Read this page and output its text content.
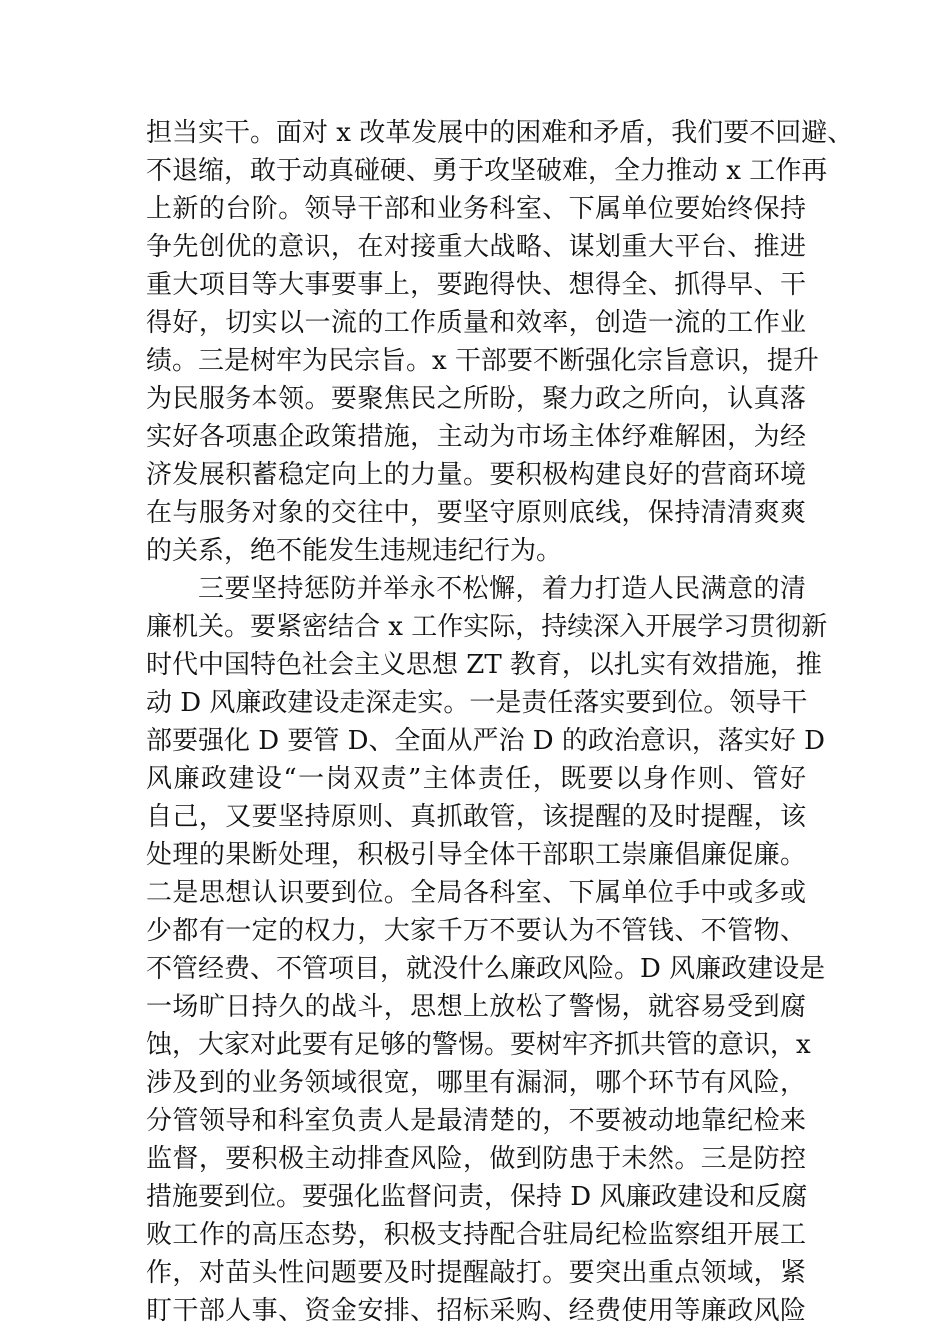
担当实干。面对 x 改革发展中的困难和矛盾，我们要不回避、
不退缩，敢于动真碰硬、勇于攻坚破难，全力推动 x 工作再
上新的台阶。领导干部和业务科室、下属单位要始终保持
争先创优的意识，在对接重大战略、谋划重大平台、推进
重大项目等大事要事上，要跑得快、想得全、抓得早、干
得好，切实以一流的工作质量和效率，创造一流的工作业
绩。三是树牢为民宗旨。x 干部要不断强化宗旨意识，提升
为民服务本领。要聚焦民之所盼，聚力政之所向，认真落
实好各项惠企政策措施，主动为市场主体纾难解困，为经
济发展积蓄稳定向上的力量。要积极构建良好的营商环境
在与服务对象的交往中，要坚守原则底线，保持清清爽爽
的关系，绝不能发生违规违纪行为。
三要坚持惩防并举永不松懈，着力打造人民满意的清
廉机关。要紧密结合 x 工作实际，持续深入开展学习贯彻新
时代中国特色社会主义思想 ZT 教育，以扎实有效措施，推
动 D 风廉政建设走深走实。一是责任落实要到位。领导干
部要强化 D 要管 D、全面从严治 D 的政治意识，落实好 D
风廉政建设“一岗双责”主体责任，既要以身作则、管好
自己，又要坚持原则、真抓敢管，该提醒的及时提醒，该
处理的果断处理，积极引导全体干部职工崇廉倡廉促廉。
二是思想认识要到位。全局各科室、下属单位手中或多或
少都有一定的权力，大家千万不要认为不管钱、不管物、
不管经费、不管项目，就没什么廉政风险。D 风廉政建设是
一场旷日持久的战斗，思想上放松了警惕，就容易受到腐
蚀，大家对此要有足够的警惕。要树牢齐抓共管的意识，x
涉及到的业务领域很宽，哪里有漏洞，哪个环节有风险，
分管领导和科室负责人是最清楚的，不要被动地靠纪检来
监督，要积极主动排查风险，做到防患于未然。三是防控
措施要到位。要强化监督问责，保持 D 风廉政建设和反腐
败工作的高压态势，积极支持配合驻局纪检监察组开展工
作，对苗头性问题要及时提醒敲打。要突出重点领域，紧
盯干部人事、资金安排、招标采购、经费使用等廉政风险
